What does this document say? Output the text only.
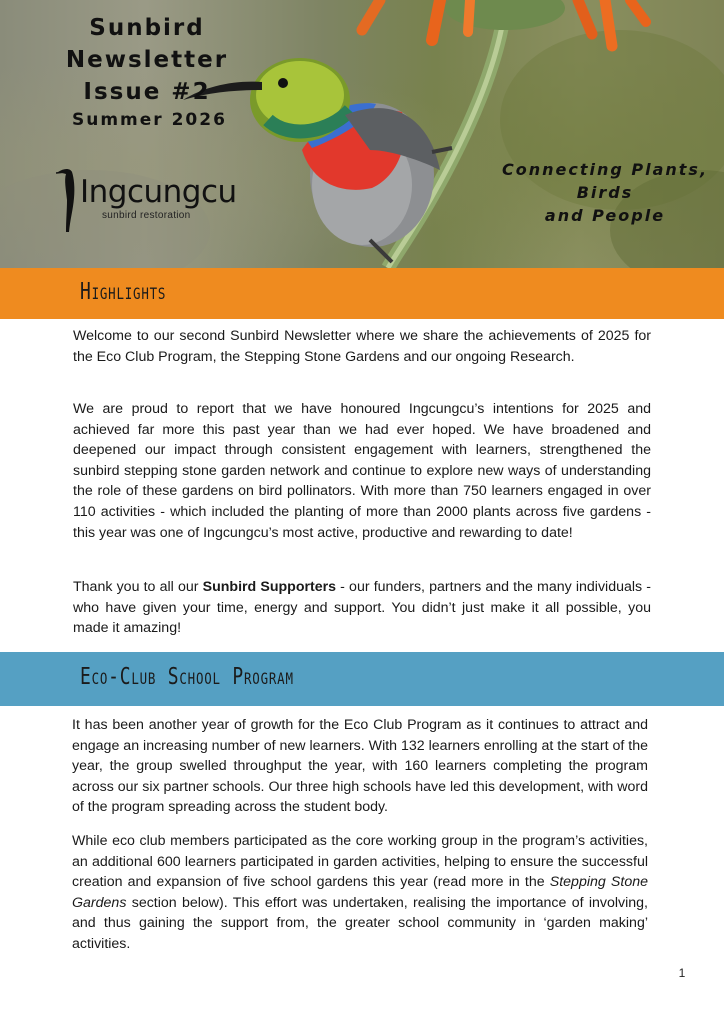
Sunbird Newsletter
Issue #2

Summer 2026

Ingcungcu

sunbird restoration

Connecting Plants,
Birds
and People

Highlights

Welcome to our second Sunbird Newsletter where we share the achievements of 2025 for the Eco Club Program, the Stepping Stone Gardens and our ongoing Research.

We are proud to report that we have honoured Ingcungcu’s intentions for 2025 and achieved far more this past year than we had ever hoped. We have broadened and deepened our impact through consistent engagement with learners, strengthened the sunbird stepping stone garden network and continue to explore new ways of understanding the role of these gardens on bird pollinators. With more than 750 learners engaged in over 110 activities - which included the planting of more than 2000 plants across five gardens - this year was one of Ingcungcu’s most active, productive and rewarding to date!

Thank you to all our Sunbird Supporters - our funders, partners and the many individuals - who have given your time, energy and support. You didn’t just make it all possible, you made it amazing!

Eco-Club School Program

It has been another year of growth for the Eco Club Program as it continues to attract and engage an increasing number of new learners. With 132 learners enrolling at the start of the year, the group swelled throughput the year, with 160 learners completing the program across our six partner schools. Our three high schools have led this development, with word of the program spreading across the student body.

While eco club members participated as the core working group in the program’s activities, an additional 600 learners participated in garden activities, helping to ensure the successful creation and expansion of five school gardens this year (read more in the Stepping Stone Gardens section below). This effort was undertaken, realising the importance of involving, and thus gaining the support from, the greater school community in ‘garden making’ activities.

1
